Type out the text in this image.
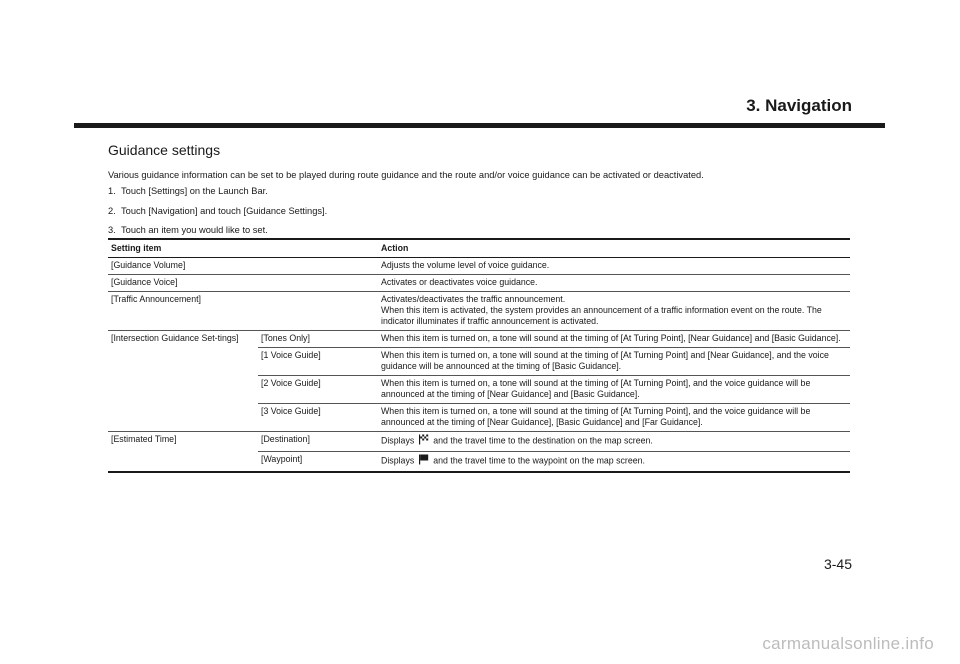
3. Navigation
Guidance settings
Various guidance information can be set to be played during route guidance and the route and/or voice guidance can be activated or deactivated.
1. Touch [Settings] on the Launch Bar.
2. Touch [Navigation] and touch [Guidance Settings].
3. Touch an item you would like to set.
Setting item		Action
[Guidance Volume]		Adjusts the volume level of voice guidance.
[Guidance Voice]		Activates or deactivates voice guidance.
[Traffic Announcement]		Activates/deactivates the traffic announcement.
When this item is activated, the system provides an announcement of a traffic information event on the route. The indicator illuminates if traffic announcement is activated.

[Intersection Guidance Set-tings]	[Tones Only]	When this item is turned on, a tone will sound at the timing of [At Turing Point], [Near Guidance] and [Basic Guidance].
	[1 Voice Guide]	When this item is turned on, a tone will sound at the timing of [At Turning Point] and [Near Guidance], and the voice guidance will be announced at the timing of [Basic Guidance].
	[2 Voice Guide]	When this item is turned on, a tone will sound at the timing of [At Turning Point], and the voice guidance will be announced at the timing of [Near Guidance] and [Basic Guidance].
	[3 Voice Guide]	When this item is turned on, a tone will sound at the timing of [At Turning Point], and the voice guidance will be announced at the timing of [Near Guidance], [Basic Guidance] and [Far Guidance].
[Estimated Time]	[Destination]	Displays and the travel time to the destination on the map screen.
	[Waypoint]	Displays and the travel time to the waypoint on the map screen.
3-45
carmanualsonline.info
